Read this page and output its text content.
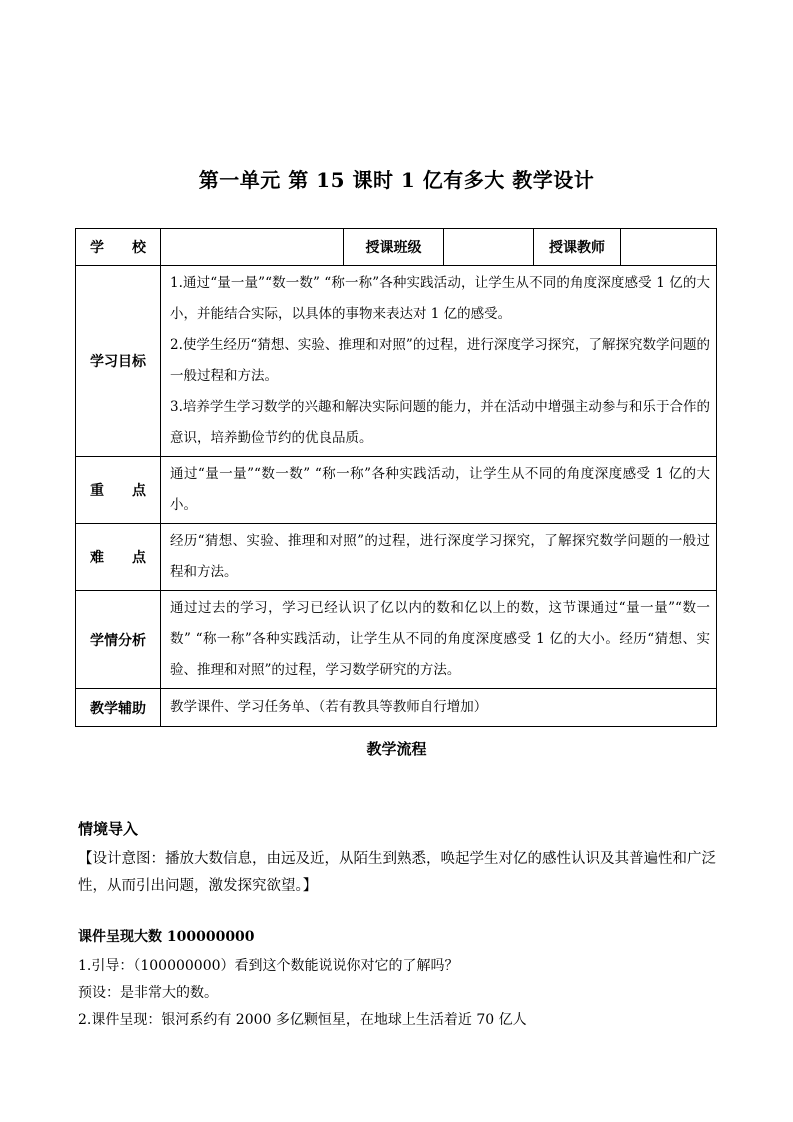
第一单元 第 15 课时 1 亿有多大 教学设计
学　　校		授课班级		授课教师	
学习目标	1.通过“量一量”“数一数” “称一称”各种实践活动，让学生从不同的角度深度感受 1 亿的大小，并能结合实际，以具体的事物来表达对 1 亿的感受。
2.使学生经历“猜想、实验、推理和对照”的过程，进行深度学习探究，了解探究数学问题的一般过程和方法。
3.培养学生学习数学的兴趣和解决实际问题的能力，并在活动中增强主动参与和乐于合作的意识，培养勤俭节约的优良品质。				

重　　点	通过“量一量”“数一数” “称一称”各种实践活动，让学生从不同的角度深度感受 1 亿的大小。				

难　　点	经历“猜想、实验、推理和对照”的过程，进行深度学习探究，了解探究数学问题的一般过程和方法。				

学情分析	通过过去的学习，学习已经认识了亿以内的数和亿以上的数，这节课通过“量一量”“数一数” “称一称”各种实践活动，让学生从不同的角度深度感受 1 亿的大小。经历“猜想、实验、推理和对照”的过程，学习数学研究的方法。				

教学辅助	教学课件、学习任务单、（若有教具等教师自行增加）				
教学流程
情境导入
【设计意图：播放大数信息，由远及近，从陌生到熟悉，唤起学生对亿的感性认识及其普遍性和广泛性，从而引出问题，激发探究欲望。】
课件呈现大数 100000000
1.引导：（100000000）看到这个数能说说你对它的了解吗？
预设：是非常大的数。
2.课件呈现：银河系约有 2000 多亿颗恒星，在地球上生活着近 70 亿人
